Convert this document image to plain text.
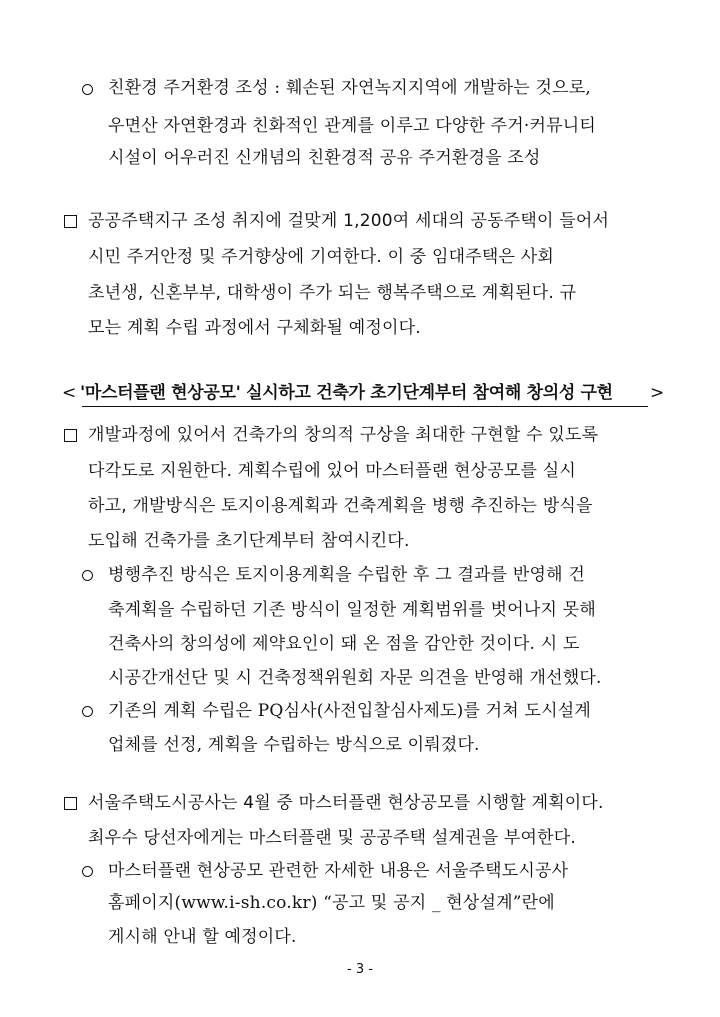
친환경 주거환경 조성 : 훼손된 자연녹지지역에 개발하는 것으로,
우면산 자연환경과 친화적인 관계를 이루고 다양한 주거·커뮤니티
시설이 어우러진 신개념의 친환경적 공유 주거환경을 조성
공공주택지구 조성 취지에 걸맞게 1,200여 세대의 공동주택이 들어서
시민 주거안정 및 주거향상에 기여한다. 이 중 임대주택은 사회
초년생, 신혼부부, 대학생이 주가 되는 행복주택으로 계획된다. 규
모는 계획 수립 과정에서 구체화될 예정이다.
< '마스터플랜 현상공모' 실시하고 건축가 초기단계부터 참여해 창의성 구현 >
개발과정에 있어서 건축가의 창의적 구상을 최대한 구현할 수 있도록
다각도로 지원한다. 계획수립에 있어 마스터플랜 현상공모를 실시
하고, 개발방식은 토지이용계획과 건축계획을 병행 추진하는 방식을
도입해 건축가를 초기단계부터 참여시킨다.
병행추진 방식은 토지이용계획을 수립한 후 그 결과를 반영해 건
축계획을 수립하던 기존 방식이 일정한 계획범위를 벗어나지 못해
건축사의 창의성에 제약요인이 돼 온 점을 감안한 것이다. 시 도
시공간개선단 및 시 건축정책위원회 자문 의견을 반영해 개선했다.
기존의 계획 수립은 PQ심사(사전입찰심사제도)를 거쳐 도시설계
업체를 선정, 계획을 수립하는 방식으로 이뤄졌다.
서울주택도시공사는 4월 중 마스터플랜 현상공모를 시행할 계획이다.
최우수 당선자에게는 마스터플랜 및 공공주택 설계권을 부여한다.
마스터플랜 현상공모 관련한 자세한 내용은 서울주택도시공사
홈페이지(www.i-sh.co.kr) “공고 및 공지 _ 현상설계”란에
게시해 안내 할 예정이다.
- 3 -
